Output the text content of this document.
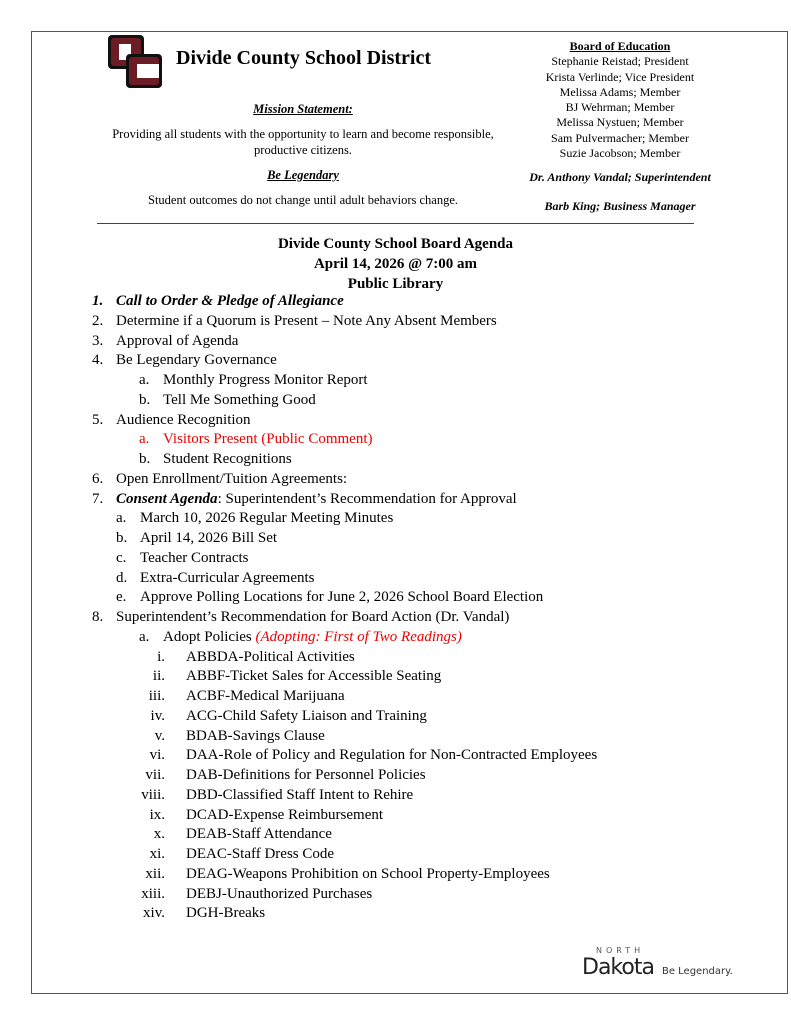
Divide County School District
Mission Statement:
Providing all students with the opportunity to learn and become responsible,
productive citizens.
Be Legendary
Student outcomes do not change until adult behaviors change.
Board of Education
Stephanie Reistad; President
Krista Verlinde; Vice President
Melissa Adams; Member
BJ Wehrman; Member
Melissa Nystuen; Member
Sam Pulvermacher; Member
Suzie Jacobson; Member
Dr. Anthony Vandal; Superintendent
Barb King; Business Manager
Divide County School Board Agenda
April 14, 2026 @ 7:00 am
Public Library
1. Call to Order & Pledge of Allegiance
2. Determine if a Quorum is Present – Note Any Absent Members
3. Approval of Agenda
4. Be Legendary Governance
a. Monthly Progress Monitor Report
b. Tell Me Something Good
5. Audience Recognition
a. Visitors Present (Public Comment)
b. Student Recognitions
6. Open Enrollment/Tuition Agreements:
7. Consent Agenda: Superintendent’s Recommendation for Approval
a. March 10, 2026 Regular Meeting Minutes
b. April 14, 2026 Bill Set
c. Teacher Contracts
d. Extra-Curricular Agreements
e. Approve Polling Locations for June 2, 2026 School Board Election
8. Superintendent’s Recommendation for Board Action (Dr. Vandal)
a. Adopt Policies (Adopting: First of Two Readings)
i. ABBDA-Political Activities
ii. ABBF-Ticket Sales for Accessible Seating
iii. ACBF-Medical Marijuana
iv. ACG-Child Safety Liaison and Training
v. BDAB-Savings Clause
vi. DAA-Role of Policy and Regulation for Non-Contracted Employees
vii. DAB-Definitions for Personnel Policies
viii. DBD-Classified Staff Intent to Rehire
ix. DCAD-Expense Reimbursement
x. DEAB-Staff Attendance
xi. DEAC-Staff Dress Code
xii. DEAG-Weapons Prohibition on School Property-Employees
xiii. DEBJ-Unauthorized Purchases
xiv. DGH-Breaks
NORTH
Dakota Be Legendary.
